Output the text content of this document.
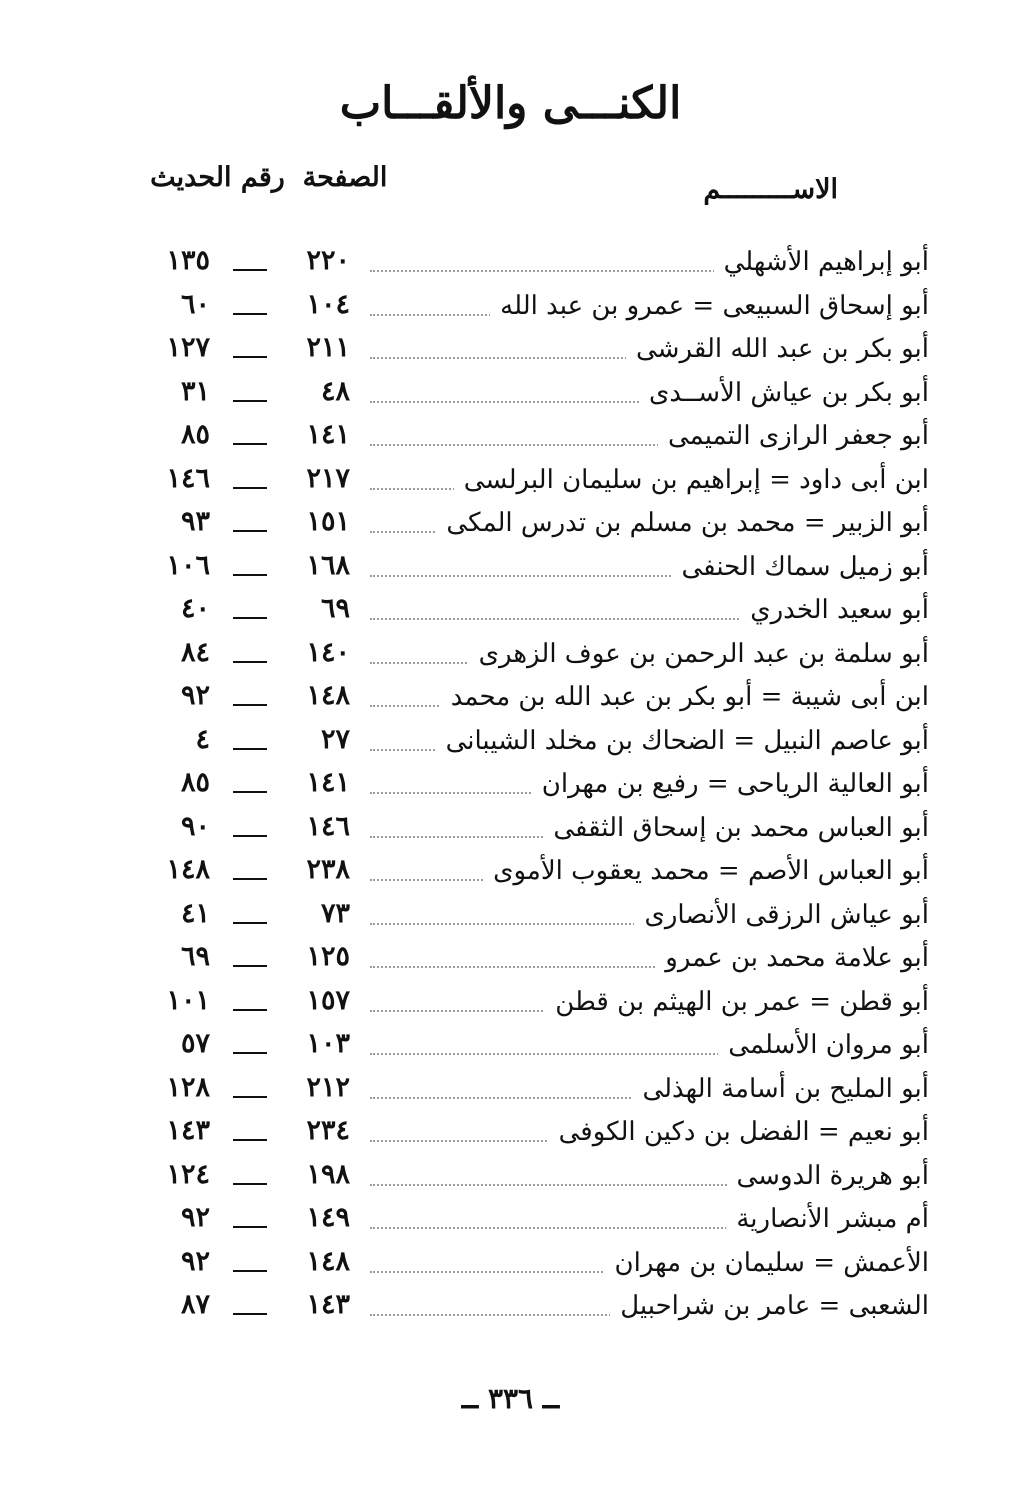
الكنـــى والألقـــاب
الاســـــــــم
الصفحة
رقم الحديث
أبو إبراهيم الأشهلي
٢٢٠
١٣٥
أبو إسحاق السبيعى = عمرو بن عبد الله
١٠٤
٦٠
أبو بكر بن عبد الله القرشى
٢١١
١٢٧
أبو بكر بن عياش الأســدى
٤٨
٣١
أبو جعفر الرازى التميمى
١٤١
٨٥
ابن أبى داود = إبراهيم بن سليمان البرلسى
٢١٧
١٤٦
أبو الزبير = محمد بن مسلم بن تدرس المكى
١٥١
٩٣
أبو زميل سماك الحنفى
١٦٨
١٠٦
أبو سعيد الخدري
٦٩
٤٠
أبو سلمة بن عبد الرحمن بن عوف الزهرى
١٤٠
٨٤
ابن أبى شيبة = أبو بكر بن عبد الله بن محمد
١٤٨
٩٢
أبو عاصم النبيل = الضحاك بن مخلد الشيبانى
٢٧
٤
أبو العالية الرياحى = رفيع بن مهران
١٤١
٨٥
أبو العباس محمد بن إسحاق الثقفى
١٤٦
٩٠
أبو العباس الأصم = محمد يعقوب الأموى
٢٣٨
١٤٨
أبو عياش الرزقى الأنصارى
٧٣
٤١
أبو علامة محمد بن عمرو
١٢٥
٦٩
أبو قطن = عمر بن الهيثم بن قطن
١٥٧
١٠١
أبو مروان الأسلمى
١٠٣
٥٧
أبو المليح بن أسامة الهذلى
٢١٢
١٢٨
أبو نعيم = الفضل بن دكين الكوفى
٢٣٤
١٤٣
أبو هريرة الدوسى
١٩٨
١٢٤
أم مبشر الأنصارية
١٤٩
٩٢
الأعمش = سليمان بن مهران
١٤٨
٩٢
الشعبى = عامر بن شراحبيل
١٤٣
٨٧
ــ ٣٣٦ ــ
